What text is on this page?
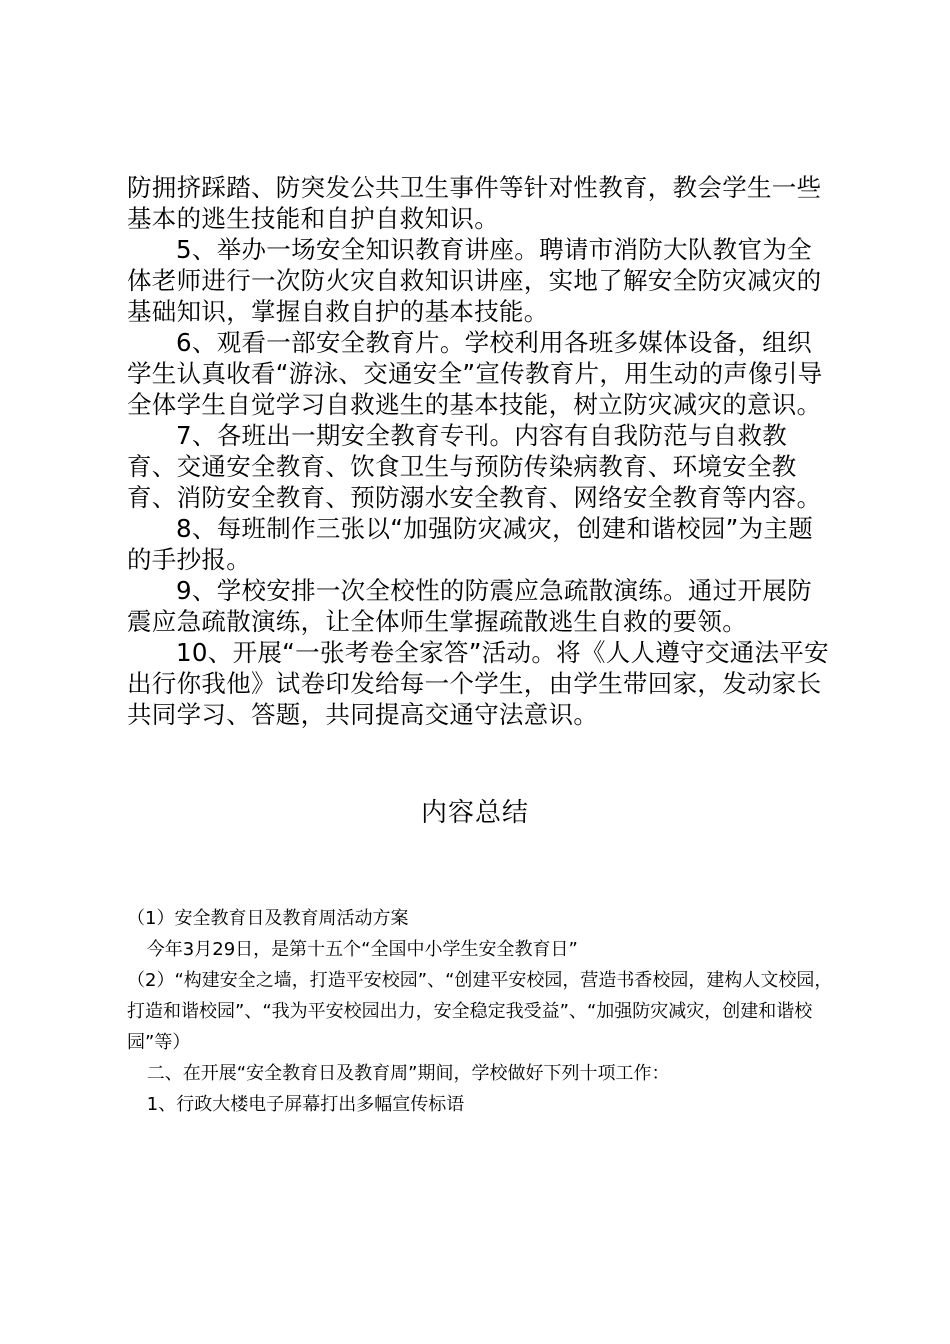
防拥挤踩踏、防突发公共卫生事件等针对性教育，教会学生一些基本的逃生技能和自护自救知识。

5、举办一场安全知识教育讲座。聘请市消防大队教官为全体老师进行一次防火灾自救知识讲座，实地了解安全防灾减灾的基础知识，掌握自救自护的基本技能。

6、观看一部安全教育片。学校利用各班多媒体设备，组织学生认真收看“游泳、交通安全”宣传教育片，用生动的声像引导全体学生自觉学习自救逃生的基本技能，树立防灾减灾的意识。

7、各班出一期安全教育专刊。内容有自我防范与自救教育、交通安全教育、饮食卫生与预防传染病教育、环境安全教育、消防安全教育、预防溺水安全教育、网络安全教育等内容。

8、每班制作三张以“加强防灾减灾，创建和谐校园”为主题的手抄报。

9、学校安排一次全校性的防震应急疏散演练。通过开展防震应急疏散演练，让全体师生掌握疏散逃生自救的要领。

10、开展“一张考卷全家答”活动。将《人人遵守交通法平安出行你我他》试卷印发给每一个学生，由学生带回家，发动家长共同学习、答题，共同提高交通守法意识。

内容总结

（1）安全教育日及教育周活动方案

今年3月29日，是第十五个“全国中小学生安全教育日”

（2）“构建安全之墙，打造平安校园”、“创建平安校园，营造书香校园，建构人文校园，打造和谐校园”、“我为平安校园出力，安全稳定我受益”、“加强防灾减灾，创建和谐校园”等）

二、在开展“安全教育日及教育周”期间，学校做好下列十项工作：

1、行政大楼电子屏幕打出多幅宣传标语
